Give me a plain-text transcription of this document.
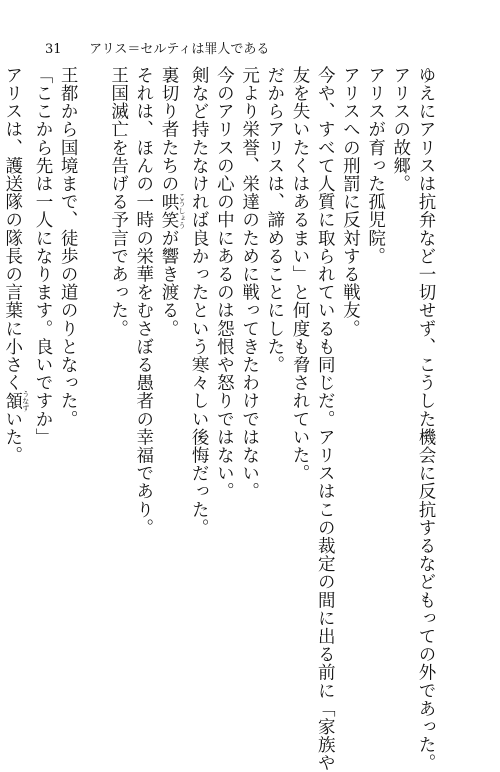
31 アリス＝セルティは罪人である
ゆえにアリスは抗弁など一切せず、こうした機会に反抗するなどもっての外であった。
アリスの故郷。
アリスが育った孤児院。
アリスへの刑罰に反対する戦友。
今や、すべて人質に取られているも同じだ。アリスはこの裁定の間に出る前に「家族や
友を失いたくはあるまい」と何度も脅されていた。
だからアリスは、諦めることにした。
元より栄誉、栄達のために戦ってきたわけではない。
今のアリスの心の中にあるのは怨恨や怒りではない。
剣など持たなければ良かったという寒々しい後悔だった。
裏切り者たちの哄笑 こうしょうが響き渡る。
それは、ほんの一時の栄華をむさぼる愚者の幸福であり。
王国滅亡を告げる予言であった。
王都から国境まで、徒歩の道のりとなった。
「ここから先は一人になります。良いですか」
アリスは、護送隊の隊長の言葉に小さく頷 うなずいた。
